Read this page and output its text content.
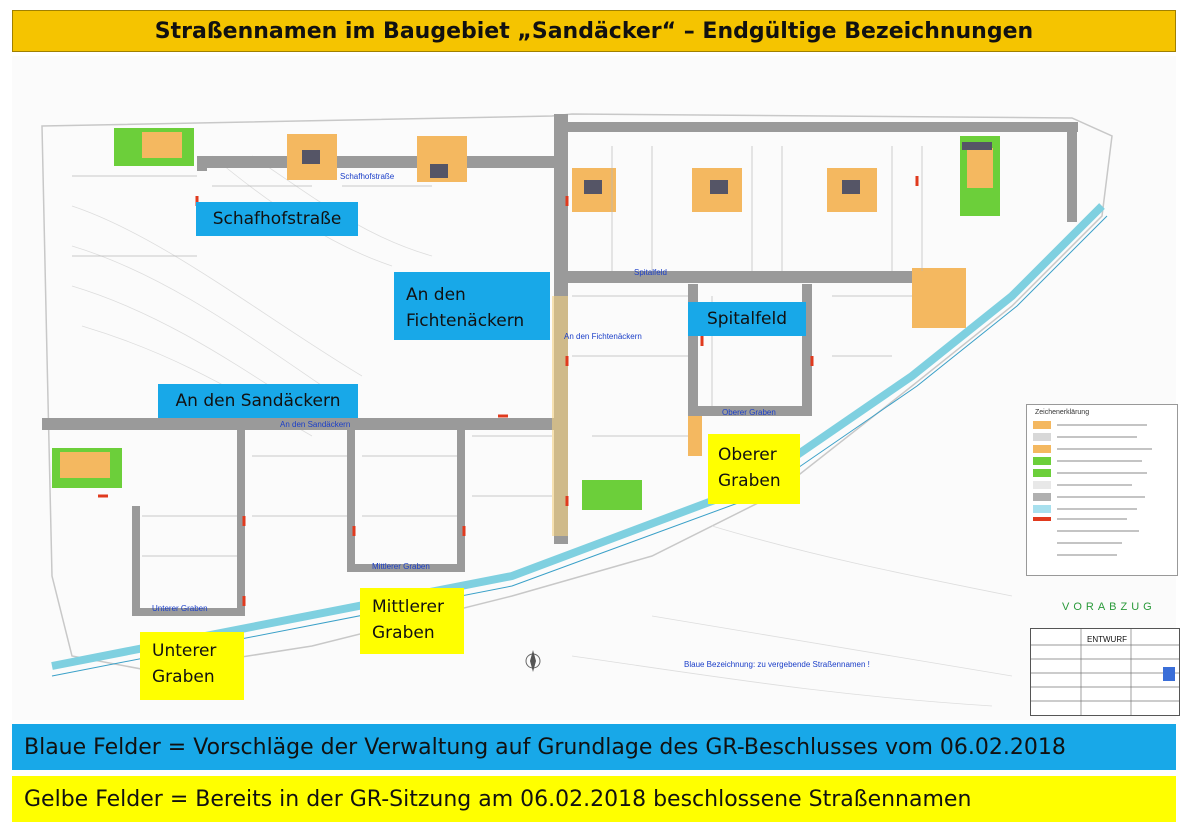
Straßennamen im Baugebiet „Sandäcker“ – Endgültige Bezeichnungen
Schafhofstraße
An den Fichtenäckern
Spitalfeld
An den Sandäckern
Oberer Graben
Mittlerer Graben
Unterer Graben
Blaue Bezeichnung: zu vergebende Straßennamen !
Zeichenerklärung
VORABZUG
ENTWURF
Schafhofstraße
An den Fichtenäckern	Spitalfeld
An den Sandäckern
Oberer Graben
Mittlerer Graben
Unterer Graben
Blaue Felder = Vorschläge der Verwaltung auf Grundlage des GR-Beschlusses vom 06.02.2018
Gelbe Felder = Bereits in der GR-Sitzung am 06.02.2018 beschlossene Straßennamen
